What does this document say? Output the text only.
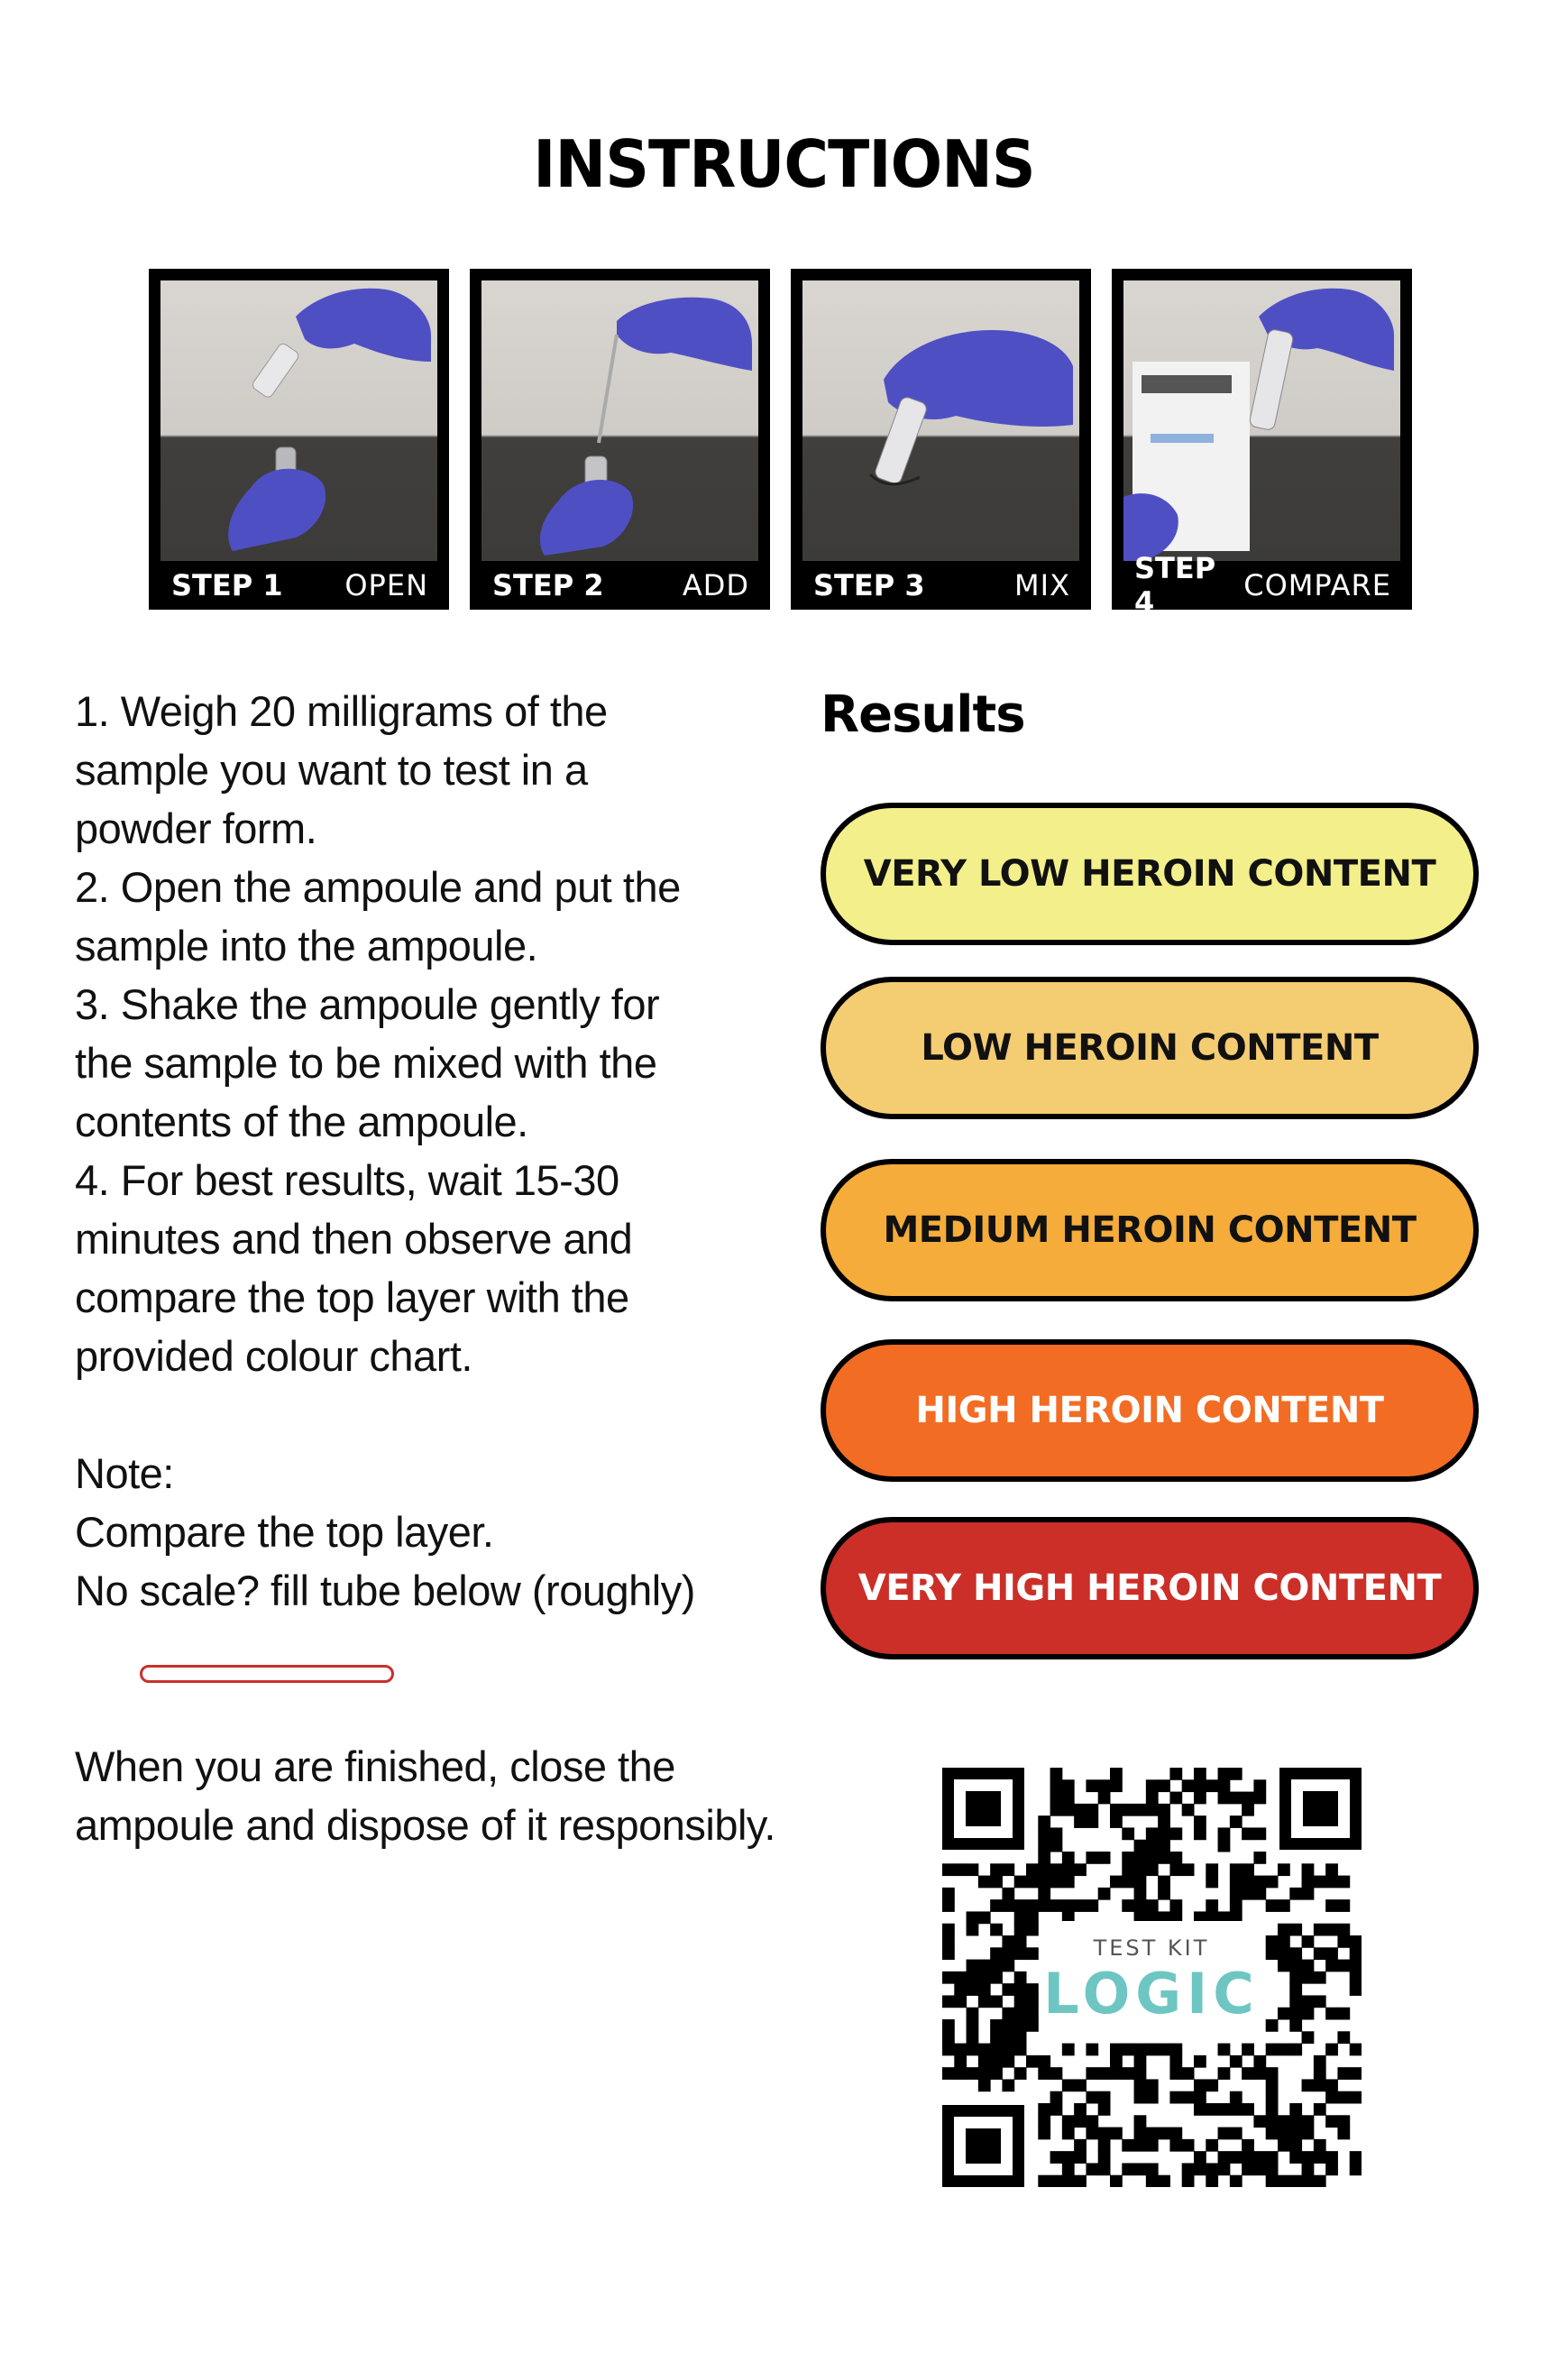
INSTRUCTIONS
STEP 1 OPEN	STEP 2	ADD	STEP 3	MIX	STEP 4	COMPARE

1. Weigh 20 milligrams of the

sample you want to test in a

powder form.

2. Open the ampoule and put the

sample into the ampoule.

3. Shake the ampoule gently for

the sample to be mixed with the

contents of the ampoule.

4. For best results, wait 15-30

minutes and then observe and

compare the top layer with the

provided colour chart.

Note:

Compare the top layer.

No scale? fill tube below (roughly)

When you are finished, close the
ampoule and dispose of it responsibly.
Results
VERY LOW HEROIN CONTENT
LOW HEROIN CONTENT
MEDIUM HEROIN CONTENT
HIGH HEROIN CONTENT
VERY HIGH HEROIN CONTENT
TEST KIT
LOGIC
